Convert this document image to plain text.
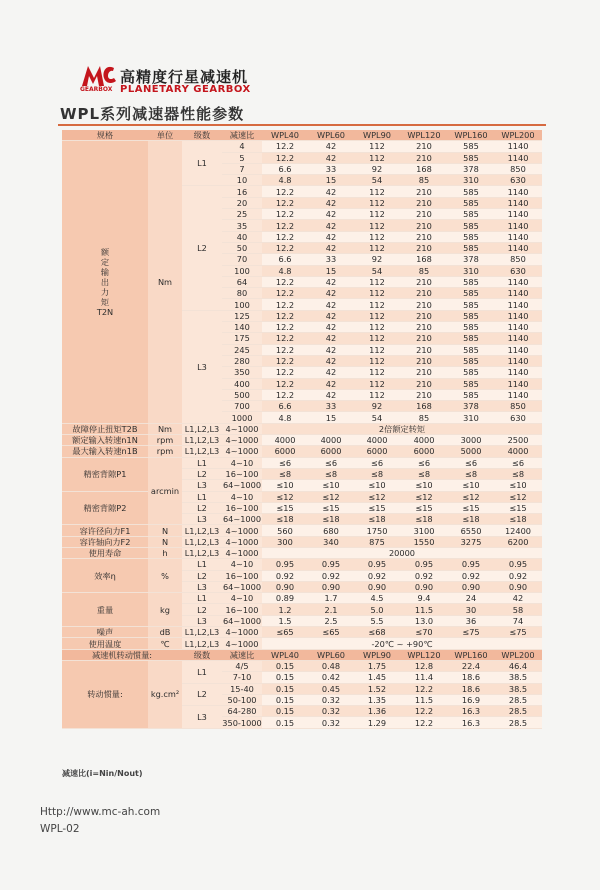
GEARBOX
高精度行星减速机
PLANETARY GEARBOX
WPL系列减速器性能参数
规格	单位	级数	减速比	WPL40	WPL60	WPL90	WPL120	WPL160	WPL200
额定输出力矩
T2N	Nm	L1	4	12.2	42	112	210	585	1140
			5	12.2	42	112	210	585	1140
			7	6.6	33	92	168	378	850
			10	4.8	15	54	85	310	630
		L2	16	12.2	42	112	210	585	1140
			20	12.2	42	112	210	585	1140
			25	12.2	42	112	210	585	1140
			35	12.2	42	112	210	585	1140
			40	12.2	42	112	210	585	1140
			50	12.2	42	112	210	585	1140
			70	6.6	33	92	168	378	850
			100	4.8	15	54	85	310	630
			64	12.2	42	112	210	585	1140
			80	12.2	42	112	210	585	1140
			100	12.2	42	112	210	585	1140
		L3	125	12.2	42	112	210	585	1140
			140	12.2	42	112	210	585	1140
			175	12.2	42	112	210	585	1140
			245	12.2	42	112	210	585	1140
			280	12.2	42	112	210	585	1140
			350	12.2	42	112	210	585	1140
			400	12.2	42	112	210	585	1140
			500	12.2	42	112	210	585	1140
			700	6.6	33	92	168	378	850
			1000	4.8	15	54	85	310	630
故障停止扭矩T2B	Nm	L1,L2,L3	4~1000	2倍额定转矩					
额定输入转速n1N	rpm	L1,L2,L3	4~1000	4000	4000	4000	4000	3000	2500
最大输入转速n1B	rpm	L1,L2,L3	4~1000	6000	6000	6000	6000	5000	4000
精密背隙P1	arcmin	L1	4~10	≤6	≤6	≤6	≤6	≤6	≤6
		L2	16~100	≤8	≤8	≤8	≤8	≤8	≤8
		L3	64~1000	≤10	≤10	≤10	≤10	≤10	≤10
精密背隙P2		L1	4~10	≤12	≤12	≤12	≤12	≤12	≤12
		L2	16~100	≤15	≤15	≤15	≤15	≤15	≤15
		L3	64~1000	≤18	≤18	≤18	≤18	≤18	≤18
容许径向力F1	N	L1,L2,L3	4~1000	560	680	1750	3100	6550	12400
容许轴向力F2	N	L1,L2,L3	4~1000	300	340	875	1550	3275	6200
使用寿命	h	L1,L2,L3	4~1000	20000					
效率η	%	L1	4~10	0.95	0.95	0.95	0.95	0.95	0.95
		L2	16~100	0.92	0.92	0.92	0.92	0.92	0.92
		L3	64~1000	0.90	0.90	0.90	0.90	0.90	0.90
重量	kg	L1	4~10	0.89	1.7	4.5	9.4	24	42
		L2	16~100	1.2	2.1	5.0	11.5	30	58
		L3	64~1000	1.5	2.5	5.5	13.0	36	74
噪声	dB	L1,L2,L3	4~1000	≤65	≤65	≤68	≤70	≤75	≤75
使用温度	℃	L1,L2,L3	4~1000	-20℃ ~ +90℃					
减速机转动惯量:		级数	减速比	WPL40	WPL60	WPL90	WPL120	WPL160	WPL200
转动惯量:	kg.cm²	L1	4/5	0.15	0.48	1.75	12.8	22.4	46.4
			7-10	0.15	0.42	1.45	11.4	18.6	38.5
		L2	15-40	0.15	0.45	1.52	12.2	18.6	38.5
			50-100	0.15	0.32	1.35	11.5	16.9	28.5
		L3	64-280	0.15	0.32	1.36	12.2	16.3	28.5
			350-1000	0.15	0.32	1.29	12.2	16.3	28.5
减速比(i=Nin/Nout)
Http://www.mc-ah.com
WPL-02
